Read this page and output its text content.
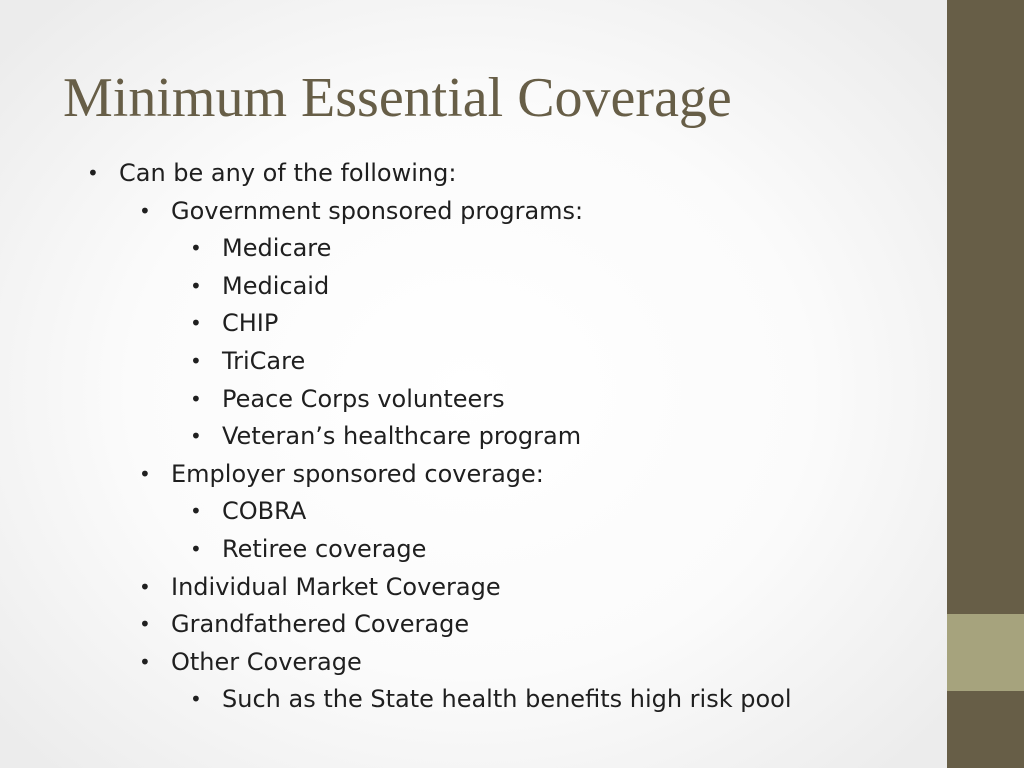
Minimum Essential Coverage
• Can be any of the following:
• Government sponsored programs:
• Medicare
• Medicaid
• CHIP
• TriCare
• Peace Corps volunteers
• Veteran’s healthcare program
• Employer sponsored coverage:
• COBRA
• Retiree coverage
• Individual Market Coverage
• Grandfathered Coverage
• Other Coverage
• Such as the State health benefits high risk pool
